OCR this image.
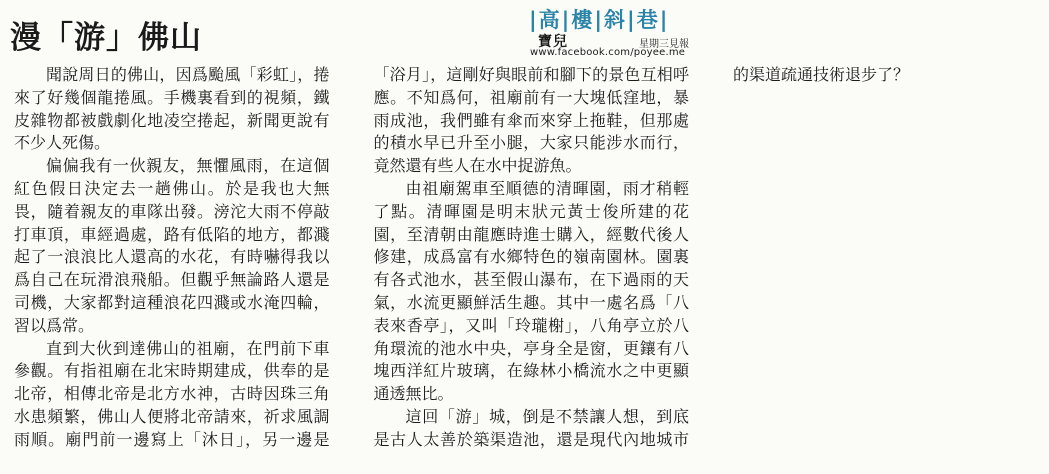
漫「游」佛山	|高|樓|斜|巷|
寶兒	星期三見報
www.facebook.com/poyee.me

聞說周日的佛山，因爲颱風「彩虹」，捲來了好幾個龍捲風。手機裏看到的視頻，鐵皮雜物都被戲劇化地凌空捲起，新聞更說有不少人死傷。

偏偏我有一伙親友，無懼風雨，在這個紅色假日決定去一趟佛山。於是我也大無畏，隨着親友的車隊出發。滂沱大雨不停敲打車頂，車經過處，路有低陷的地方，都濺起了一浪浪比人還高的水花，有時嚇得我以爲自己在玩滑浪飛船。但觀乎無論路人還是司機，大家都對這種浪花四濺或水淹四輪，習以爲常。

直到大伙到達佛山的祖廟，在門前下車參觀。有指祖廟在北宋時期建成，供奉的是北帝，相傳北帝是北方水神，古時因珠三角水患頻繁，佛山人便將北帝請來，祈求風調雨順。廟門前一邊寫上「沐日」，另一邊是「浴月」，這剛好與眼前和腳下的景色互相呼應。不知爲何，祖廟前有一大塊低窪地，暴雨成池，我們雖有傘而來穿上拖鞋，但那處的積水早已升至小腿，大家只能涉水而行，竟然還有些人在水中捉游魚。

由祖廟駕車至順德的清暉園，雨才稍輕了點。清暉園是明末狀元黃士俊所建的花園，至清朝由龍應時進士購入，經數代後人修建，成爲富有水鄉特色的嶺南園林。園裏有各式池水，甚至假山瀑布，在下過雨的天氣，水流更顯鮮活生趣。其中一處名爲「八表來香亭」，又叫「玲瓏榭」，八角亭立於八角環流的池水中央，亭身全是窗，更鑲有八塊西洋紅片玻璃，在綠林小橋流水之中更顯通透無比。

這回「游」城，倒是不禁讓人想，到底是古人太善於築渠造池，還是現代內地城市的渠道疏通技術退步了？
